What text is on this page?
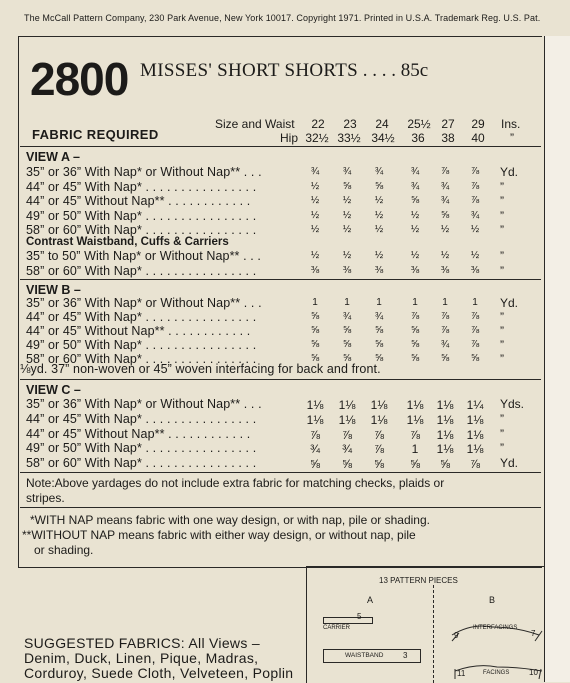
The McCall Pattern Company, 230 Park Avenue, New York 10017. Copyright 1971. Printed in U.S.A. Trademark Reg. U.S. Pat.
2800 MISSES' SHORT SHORTS . . . . 85c
FABRIC REQUIRED
Size and Waist
Hip
22	23	24	25½ 27	29	Ins.
32½ 33½ 34½	36	38	40	”
VIEW A –
35” or 36” With Nap* or Without Nap** . . .	¾	¾	¾	¾	⅞	⅞	Yd.
44” or 45” With Nap* . . . . . . . . . . . . . . . .	½	⅝	⅝	¾	¾	⅞	”
44” or 45” Without Nap** . . . . . . . . . . . .	½	½	½	⅝	¾	⅞	”
49” or 50” With Nap* . . . . . . . . . . . . . . . .	½	½	½	½	⅝	¾	”
58” or 60” With Nap* . . . . . . . . . . . . . . . .	½	½	½	½	½	½	”
Contrast Waistband, Cuffs & Carriers
35” to 50” With Nap* or Without Nap** . . .	½	½	½	½	½	½	”
58” or 60” With Nap* . . . . . . . . . . . . . . . .	⅜	⅜	⅜	⅜	⅜	⅜	”
VIEW B –
35” or 36” With Nap* or Without Nap** . . .	1	1	1	1	1	1	Yd.
44” or 45” With Nap* . . . . . . . . . . . . . . . .	⅝	¾	¾	⅞	⅞	⅞	”
44” or 45” Without Nap** . . . . . . . . . . . .	⅝	⅝	⅝	⅝	⅞	⅞	”
49” or 50” With Nap* . . . . . . . . . . . . . . . .	⅝	⅝	⅝	⅝	¾	⅞	”
58” or 60” With Nap* . . . . . . . . . . . . . . . .	⅝	⅝	⅝	⅝	⅝	⅝	”
⅛yd. 37” non-woven or 45” woven interfacing for back and front.
VIEW C –
35” or 36” With Nap* or Without Nap** . . .	1⅛ 1⅛ 1⅛ 1⅛ 1⅛ 1¼ Yds.
44” or 45” With Nap* . . . . . . . . . . . . . . . .	1⅛ 1⅛ 1⅛ 1⅛ 1⅛ 1⅛ ”
44” or 45” Without Nap** . . . . . . . . . . . .	⅞	⅞	⅞	⅞	1⅛ 1⅛ ”
49” or 50” With Nap* . . . . . . . . . . . . . . . .	¾	¾	⅞	1	1⅛ 1⅛ ”
58” or 60” With Nap* . . . . . . . . . . . . . . . .	⅝	⅝	⅝	⅝	⅝	⅞	Yd.
Note:Above yardages do not include extra fabric for matching checks, plaids or
stripes.
*WITH NAP means fabric with one way design, or with nap, pile or shading.
**WITHOUT NAP means fabric with either way design, or without nap, pile
or shading.
13 PATTERN PIECES
A	B
5
CARRIER
WAISTBAND 3
9
INTERFACINGS
7
11	FACINGS 10
SUGGESTED FABRICS: All Views –
Denim, Duck, Linen, Pique, Madras,
Corduroy, Suede Cloth, Velveteen, Poplin
